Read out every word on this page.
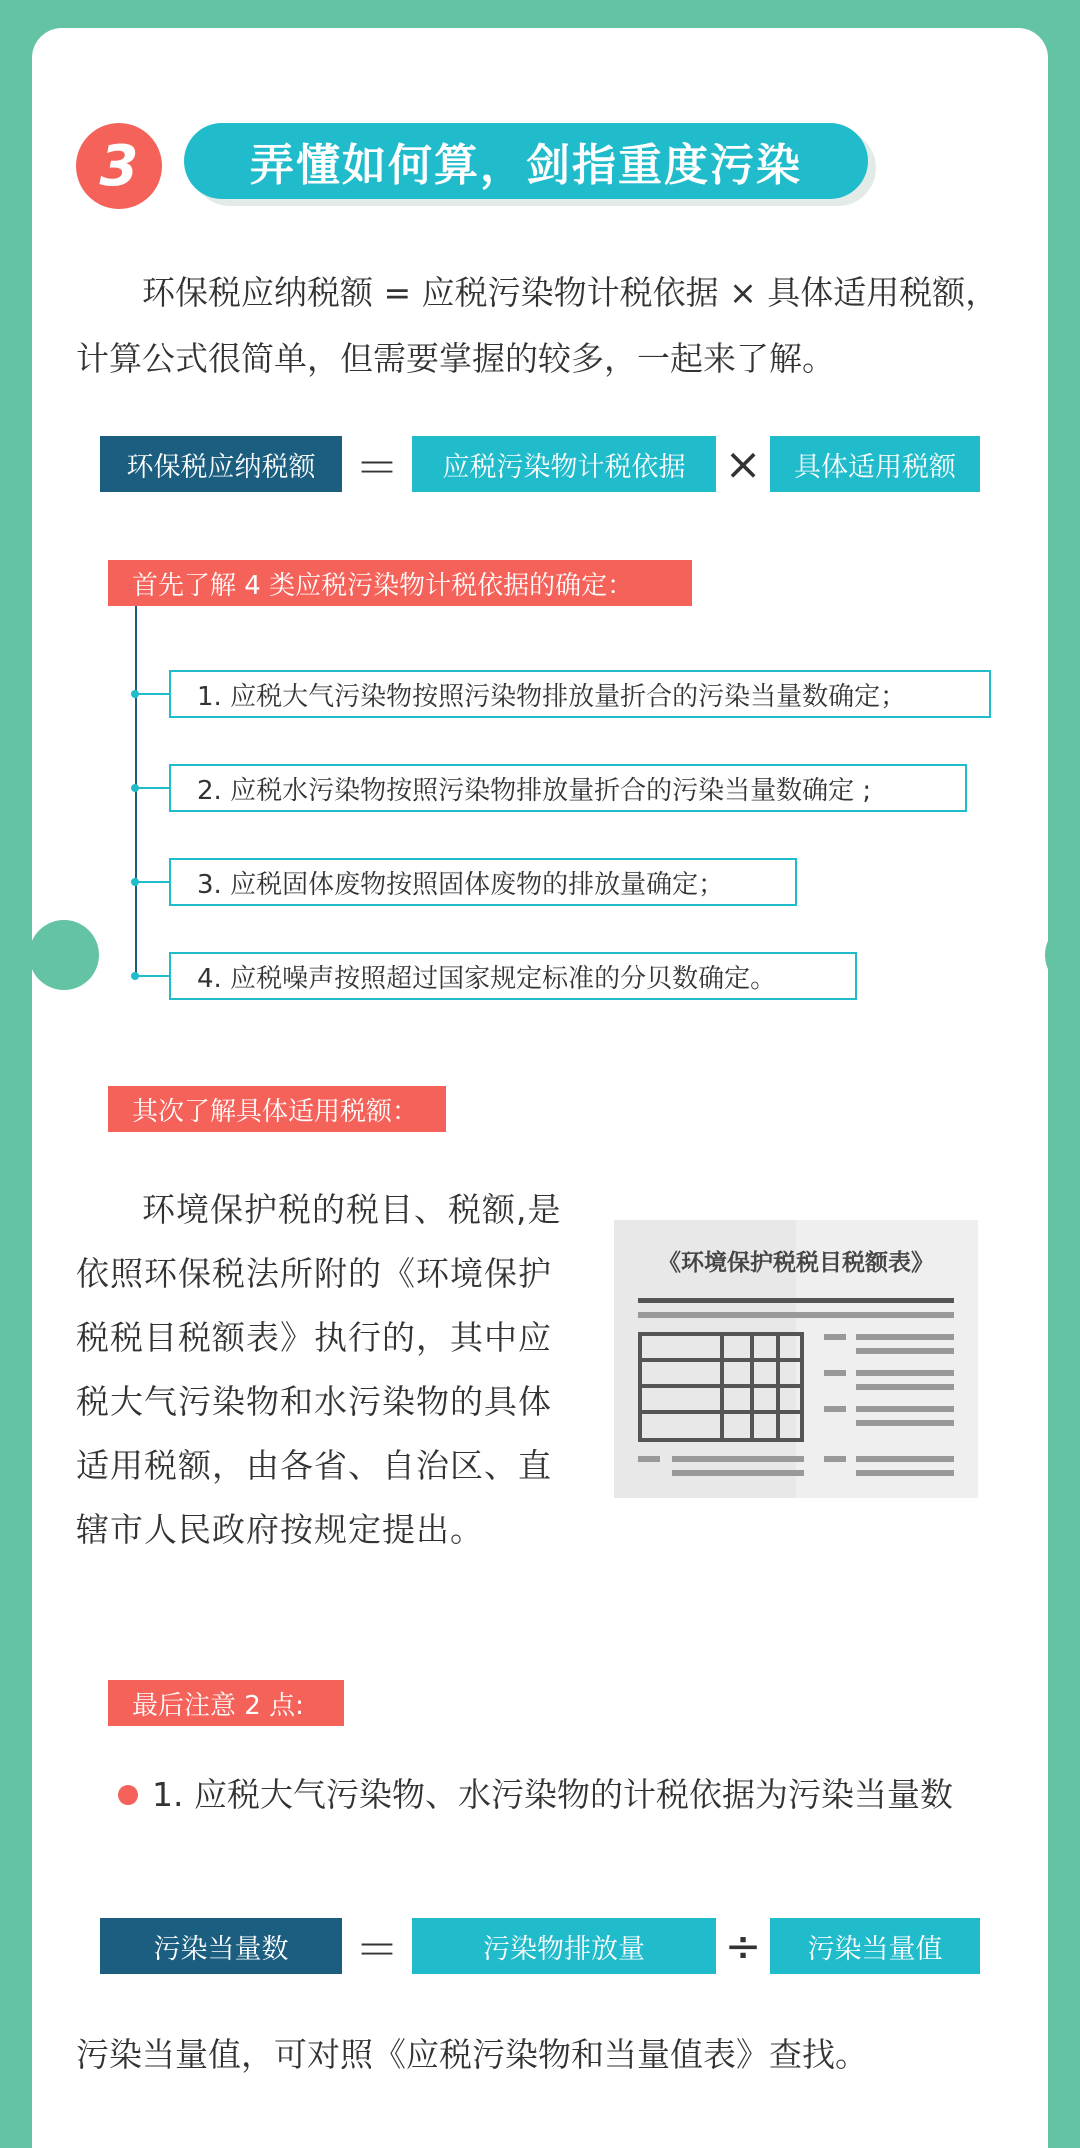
3	弄懂如何算，剑指重度污染
环保税应纳税额 = 应税污染物计税依据 × 具体适用税额，计算公式很简单，但需要掌握的较多，一起来了解。
环保税应纳税额 ＝	应税污染物计税依据 ×	具体适用税额
首先了解 4 类应税污染物计税依据的确定：
1. 应税大气污染物按照污染物排放量折合的污染当量数确定；
2. 应税水污染物按照污染物排放量折合的污染当量数确定 ;
3. 应税固体废物按照固体废物的排放量确定；
4. 应税噪声按照超过国家规定标准的分贝数确定。
其次了解具体适用税额：
环境保护税的税目、税额,是依照环保税法所附的《环境保护税税目税额表》执行的，其中应税大气污染物和水污染物的具体适用税额，由各省、自治区、直辖市人民政府按规定提出。
《环境保护税税目税额表》
最后注意 2 点:
1. 应税大气污染物、水污染物的计税依据为污染当量数
污染当量数	＝	污染物排放量	÷	污染当量值
污染当量值，可对照《应税污染物和当量值表》查找。
